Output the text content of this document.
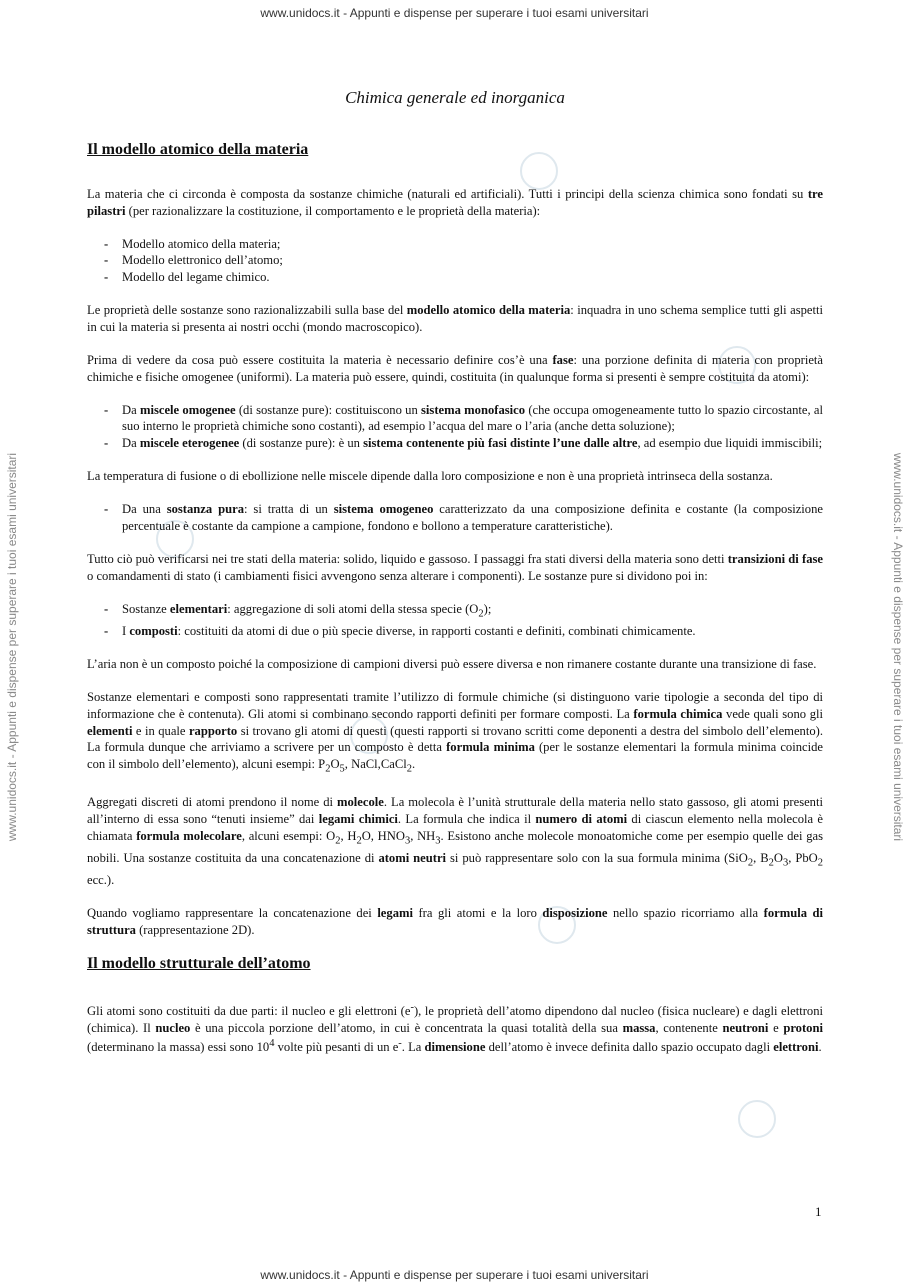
www.unidocs.it - Appunti e dispense per superare i tuoi esami universitari
www.unidocs.it - Appunti e dispense per superare i tuoi esami universitari	www.unidocs.it - Appunti e dispense per superare i tuoi esami universitari
Chimica generale ed inorganica
Il modello atomico della materia

La materia che ci circonda è composta da sostanze chimiche (naturali ed artificiali). Tutti i principi della scienza chimica sono fondati su tre pilastri (per razionalizzare la costituzione, il comportamento e le proprietà della materia):

- Modello atomico della materia;
- Modello elettronico dell’atomo;
- Modello del legame chimico.

Le proprietà delle sostanze sono razionalizzabili sulla base del modello atomico della materia: inquadra in uno schema semplice tutti gli aspetti in cui la materia si presenta ai nostri occhi (mondo macroscopico).

Prima di vedere da cosa può essere costituita la materia è necessario definire cos’è una fase: una porzione definita di materia con proprietà chimiche e fisiche omogenee (uniformi). La materia può essere, quindi, costituita (in qualunque forma si presenti è sempre costituita da atomi):

- Da miscele omogenee (di sostanze pure): costituiscono un sistema monofasico (che occupa omogeneamente tutto lo spazio circostante, al suo interno le proprietà chimiche sono costanti), ad esempio l’acqua del mare o l’aria (anche detta soluzione);
- Da miscele eterogenee (di sostanze pure): è un sistema contenente più fasi distinte l’une dalle altre, ad esempio due liquidi immiscibili;

La temperatura di fusione o di ebollizione nelle miscele dipende dalla loro composizione e non è una proprietà intrinseca della sostanza.

- Da una sostanza pura: si tratta di un sistema omogeneo caratterizzato da una composizione definita e costante (la composizione percentuale è costante da campione a campione, fondono e bollono a temperature caratteristiche).

Tutto ciò può verificarsi nei tre stati della materia: solido, liquido e gassoso. I passaggi fra stati diversi della materia sono detti transizioni di fase o comandamenti di stato (i cambiamenti fisici avvengono senza alterare i componenti). Le sostanze pure si dividono poi in:

- Sostanze elementari: aggregazione di soli atomi della stessa specie $(O_2)$;
- I composti: costituiti da atomi di due o più specie diverse, in rapporti costanti e definiti, combinati chimicamente.

L’aria non è un composto poiché la composizione di campioni diversi può essere diversa e non rimanere costante durante una transizione di fase.

Sostanze elementari e composti sono rappresentati tramite l’utilizzo di formule chimiche (si distinguono varie tipologie a seconda del tipo di informazione che è contenuta). Gli atomi si combinano secondo rapporti definiti per formare composti. La formula chimica vede quali sono gli elementi e in quale rapporto si trovano gli atomi di questi (questi rapporti si trovano scritti come deponenti a destra del simbolo dell’elemento). La formula dunque che arriviamo a scrivere per un composto è detta formula minima (per le sostanze elementari la formula minima coincide con il simbolo dell’elemento), alcuni esempi: $P_2O_5$, NaCl,CaCl$_2$.

Aggregati discreti di atomi prendono il nome di molecole. La molecola è l’unità strutturale della materia nello stato gassoso, gli atomi presenti all’interno di essa sono “tenuti insieme” dai legami chimici. La formula che indica il numero di atomi di ciascun elemento nella molecola è chiamata formula molecolare, alcuni esempi: $O_2$, $H_2O$, $HNO_3$, $NH_3$. Esistono anche molecole monoatomiche come per esempio quelle dei gas nobili. Una sostanze costituita da una concatenazione di atomi neutri si può rappresentare solo con la sua formula minima (SiO$_2$, $B_2O_3$, PbO$_2$ ecc.).

Quando vogliamo rappresentare la concatenazione dei legami fra gli atomi e la loro disposizione nello spazio ricorriamo alla formula di struttura (rappresentazione 2D).

Il modello strutturale dell’atomo

Gli atomi sono costituiti da due parti: il nucleo e gli elettroni (e-), le proprietà dell’atomo dipendono dal nucleo (fisica nucleare) e dagli elettroni (chimica). Il nucleo è una piccola porzione dell’atomo, in cui è concentrata la quasi totalità della sua massa, contenente neutroni e protoni (determinano la massa) essi sono $10^4$ volte più pesanti di un e-. La dimensione dell’atomo è invece definita dallo spazio occupato dagli elettroni.

1
www.unidocs.it - Appunti e dispense per superare i tuoi esami universitari
